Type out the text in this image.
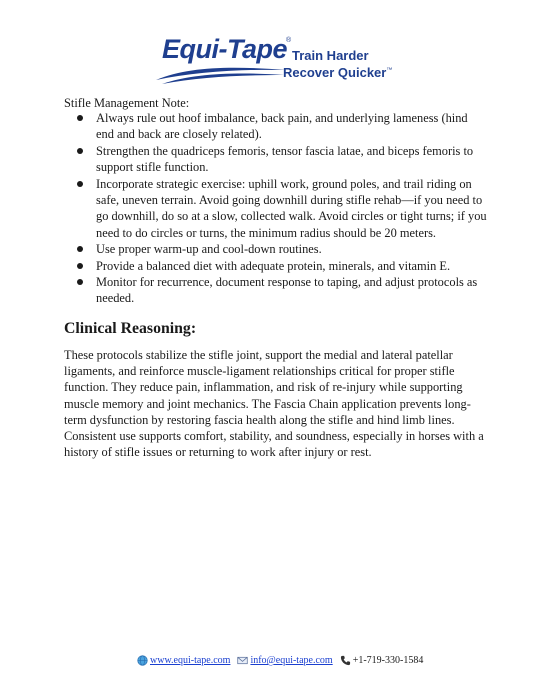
Equi-Tape
®
Train Harder
Recover Quicker™
Stifle Management Note:
Always rule out hoof imbalance, back pain, and underlying lameness (hind end and back are closely related).
Strengthen the quadriceps femoris, tensor fascia latae, and biceps femoris to support stifle function.
Incorporate strategic exercise: uphill work, ground poles, and trail riding on safe, uneven terrain. Avoid going downhill during stifle rehab—if you need to go downhill, do so at a slow, collected walk. Avoid circles or tight turns; if you need to do circles or turns, the minimum radius should be 20 meters.
Use proper warm-up and cool-down routines.
Provide a balanced diet with adequate protein, minerals, and vitamin E.
Monitor for recurrence, document response to taping, and adjust protocols as needed.
Clinical Reasoning:

These protocols stabilize the stifle joint, support the medial and lateral patellar ligaments, and reinforce muscle-ligament relationships critical for proper stifle function. They reduce pain, inflammation, and risk of re-injury while supporting muscle memory and joint mechanics. The Fascia Chain application prevents long-term dysfunction by restoring fascia health along the stifle and hind limb lines. Consistent use supports comfort, stability, and soundness, especially in horses with a history of stifle issues or returning to work after injury or rest.

www.equi-tape.com info@equi-tape.com +1-719-330-1584
